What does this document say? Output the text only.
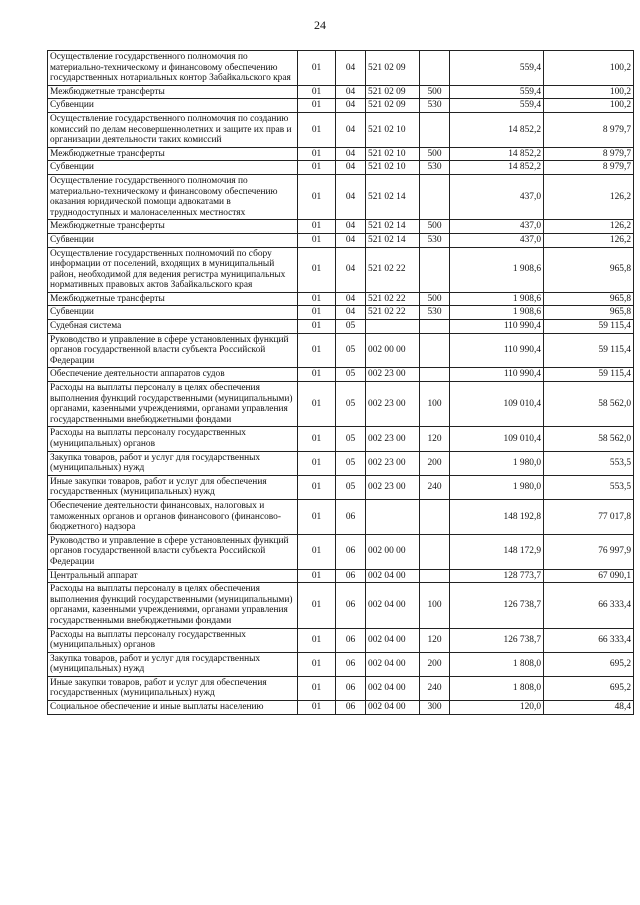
24
Осуществление государственного полномочия по материально-техническому и финансовому обеспечению государственных нотариальных контор Забайкальского края	01	04	521 02 09		559,4	100,2
Межбюджетные трансферты	01	04	521 02 09	500	559,4	100,2
Субвенции	01	04	521 02 09	530	559,4	100,2
Осуществление государственного полномочия по созданию комиссий по делам несовершеннолетних и защите их прав и организации деятельности таких комиссий	01	04	521 02 10		14 852,2	8 979,7
Межбюджетные трансферты	01	04	521 02 10	500	14 852,2	8 979,7
Субвенции	01	04	521 02 10	530	14 852,2	8 979,7
Осуществление государственного полномочия по материально-техническому и финансовому обеспечению оказания юридической помощи адвокатами в труднодоступных и малонаселенных местностях	01	04	521 02 14		437,0	126,2
Межбюджетные трансферты	01	04	521 02 14	500	437,0	126,2
Субвенции	01	04	521 02 14	530	437,0	126,2
Осуществление государственных полномочий по сбору информации от поселений, входящих в муниципальный район, необходимой для ведения регистра муниципальных нормативных правовых актов Забайкальского края	01	04	521 02 22		1 908,6	965,8
Межбюджетные трансферты	01	04	521 02 22	500	1 908,6	965,8
Субвенции	01	04	521 02 22	530	1 908,6	965,8
Судебная система	01	05			110 990,4	59 115,4
Руководство и управление в сфере установленных функций органов государственной власти субъекта Российской Федерации	01	05	002 00 00		110 990,4	59 115,4
Обеспечение деятельности аппаратов судов	01	05	002 23 00		110 990,4	59 115,4
Расходы на выплаты персоналу в целях обеспечения выполнения функций государственными (муниципальными) органами, казенными учреждениями, органами управления государственными внебюджетными фондами	01	05	002 23 00	100	109 010,4	58 562,0
Расходы на выплаты персоналу государственных (муниципальных) органов	01	05	002 23 00	120	109 010,4	58 562,0
Закупка товаров, работ и услуг для государственных (муниципальных) нужд	01	05	002 23 00	200	1 980,0	553,5
Иные закупки товаров, работ и услуг для обеспечения государственных (муниципальных) нужд	01	05	002 23 00	240	1 980,0	553,5
Обеспечение деятельности финансовых, налоговых и таможенных органов и органов финансового (финансово-бюджетного) надзора	01	06			148 192,8	77 017,8
Руководство и управление в сфере установленных функций органов государственной власти субъекта Российской Федерации	01	06	002 00 00		148 172,9	76 997,9
Центральный аппарат	01	06	002 04 00		128 773,7	67 090,1
Расходы на выплаты персоналу в целях обеспечения выполнения функций государственными (муниципальными) органами, казенными учреждениями, органами управления государственными внебюджетными фондами	01	06	002 04 00	100	126 738,7	66 333,4
Расходы на выплаты персоналу государственных (муниципальных) органов	01	06	002 04 00	120	126 738,7	66 333,4
Закупка товаров, работ и услуг для государственных (муниципальных) нужд	01	06	002 04 00	200	1 808,0	695,2
Иные закупки товаров, работ и услуг для обеспечения государственных (муниципальных) нужд	01	06	002 04 00	240	1 808,0	695,2
Социальное обеспечение и иные выплаты населению	01	06	002 04 00	300	120,0	48,4
